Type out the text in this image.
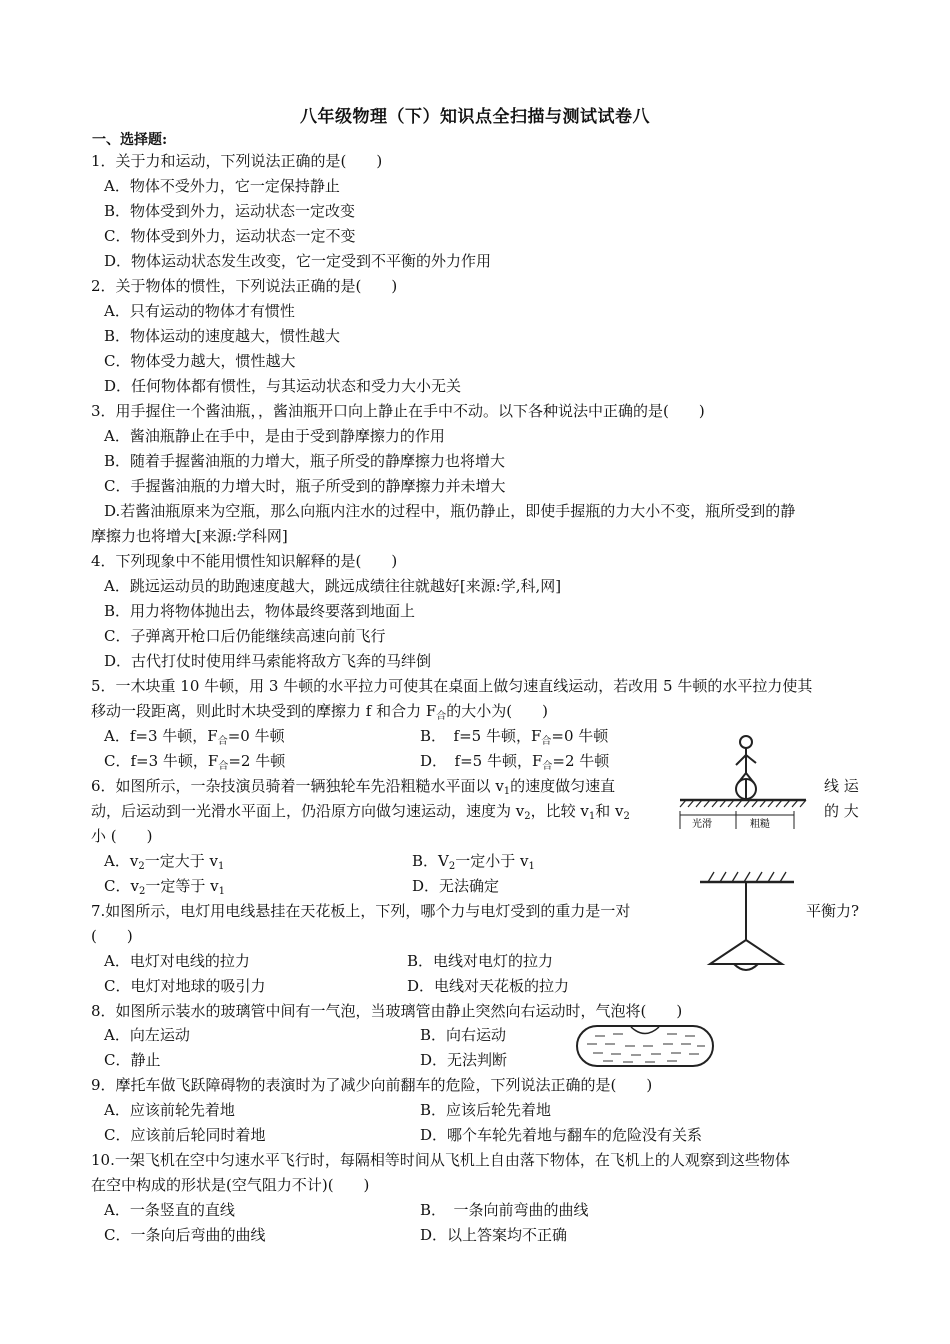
八年级物理（下）知识点全扫描与测试试卷八
一、选择题:
1．关于力和运动，下列说法正确的是(　　)
A．物体不受外力，它一定保持静止
B．物体受到外力，运动状态一定改变
C．物体受到外力，运动状态一定不变
D．物体运动状态发生改变，它一定受到不平衡的外力作用
2．关于物体的惯性，下列说法正确的是(　　)
A．只有运动的物体才有惯性
B．物体运动的速度越大，惯性越大
C．物体受力越大，惯性越大
D．任何物体都有惯性，与其运动状态和受力大小无关
3．用手握住一个酱油瓶，，酱油瓶开口向上静止在手中不动。以下各种说法中正确的是(　　)
A．酱油瓶静止在手中，是由于受到静摩擦力的作用
B．随着手握酱油瓶的力增大，瓶子所受的静摩擦力也将增大
C．手握酱油瓶的力增大时，瓶子所受到的静摩擦力并未增大
D.若酱油瓶原来为空瓶，那么向瓶内注水的过程中，瓶仍静止，即使手握瓶的力大小不变，瓶所受到的静
摩擦力也将增大[来源:学科网]
4．下列现象中不能用惯性知识解释的是(　　)
A．跳远运动员的助跑速度越大，跳远成绩往往就越好[来源:学,科,网]
B．用力将物体抛出去，物体最终要落到地面上
C．子弹离开枪口后仍能继续高速向前飞行
D．古代打仗时使用绊马索能将敌方飞奔的马绊倒
5．一木块重 10 牛顿，用 3 牛顿的水平拉力可使其在桌面上做匀速直线运动，若改用 5 牛顿的水平拉力使其
移动一段距离，则此时木块受到的摩擦力 f 和合力 $F_合$的大小为(　　)
A．f=3 牛顿，$F_合=0$ 牛顿	B．　f=5 牛顿，$F_合=0$ 牛顿
C．f=3 牛顿，$F_合=2$ 牛顿	D．　f=5 牛顿，$F_合=2$ 牛顿
6．如图所示，一杂技演员骑着一辆独轮车先沿粗糙水平面以 $v_1$的速度做匀速直	线 运
动，后运动到一光滑水平面上，仍沿原方向做匀速运动，速度为 $v_2$，比较 $v_1$和 $v_2$	的 大
小 (　　)
A．$v_2$一定大于 $v_1$	B．$V_2$一定小于 $v_1$
C．$v_2$一定等于 $v_1$	D．无法确定
光滑	粗糙
7.如图所示，电灯用电线悬挂在天花板上，下列，哪个力与电灯受到的重力是一对	平衡力?
(　　)
A．电灯对电线的拉力	B．电线对电灯的拉力
C．电灯对地球的吸引力	D．电线对天花板的拉力
8．如图所示装水的玻璃管中间有一气泡，当玻璃管由静止突然向右运动时，气泡将(　　)
A．向左运动	B．向右运动
C．静止	D．无法判断
9．摩托车做飞跃障碍物的表演时为了减少向前翻车的危险，下列说法正确的是(　　)
A．应该前轮先着地	B．应该后轮先着地
C．应该前后轮同时着地	D．哪个车轮先着地与翻车的危险没有关系
10.一架飞机在空中匀速水平飞行时，每隔相等时间从飞机上自由落下物体，在飞机上的人观察到这些物体
在空中构成的形状是(空气阻力不计)(　　)
A．一条竖直的直线	B．　一条向前弯曲的曲线
C．一条向后弯曲的曲线	D．以上答案均不正确
